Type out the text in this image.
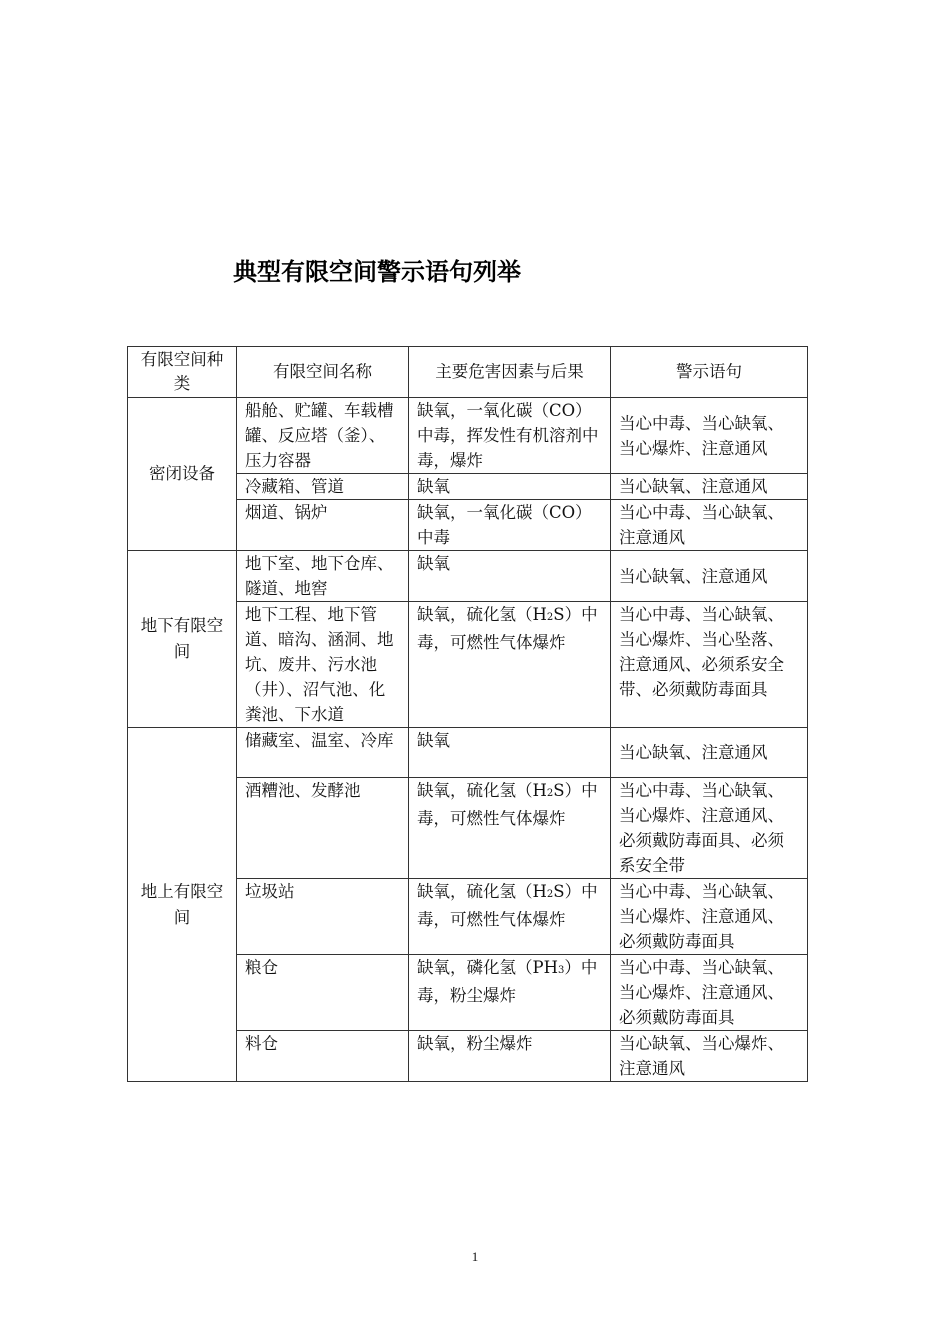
典型有限空间警示语句列举
有限空间种类	有限空间名称	主要危害因素与后果	警示语句
密闭设备	船舱、贮罐、车载槽罐、反应塔（釜）、压力容器	缺氧，一氧化碳（CO）中毒，挥发性有机溶剂中毒，爆炸	当心中毒、当心缺氧、当心爆炸、注意通风
	冷藏箱、管道	缺氧	当心缺氧、注意通风
	烟道、锅炉	缺氧，一氧化碳（CO）中毒	当心中毒、当心缺氧、注意通风
地下有限空间	地下室、地下仓库、隧道、地窖	缺氧	当心缺氧、注意通风
	地下工程、地下管道、暗沟、涵洞、地坑、废井、污水池（井）、沼气池、化粪池、下水道	缺氧，硫化氢（H2S）中毒，可燃性气体爆炸	当心中毒、当心缺氧、当心爆炸、当心坠落、注意通风、必须系安全带、必须戴防毒面具
地上有限空间	储藏室、温室、冷库	缺氧	当心缺氧、注意通风
	酒糟池、发酵池	缺氧，硫化氢（H2S）中毒，可燃性气体爆炸	当心中毒、当心缺氧、当心爆炸、注意通风、必须戴防毒面具、必须系安全带
	垃圾站	缺氧，硫化氢（H2S）中毒，可燃性气体爆炸	当心中毒、当心缺氧、当心爆炸、注意通风、必须戴防毒面具
	粮仓	缺氧，磷化氢（PH3）中毒，粉尘爆炸	当心中毒、当心缺氧、当心爆炸、注意通风、必须戴防毒面具
	料仓	缺氧，粉尘爆炸	当心缺氧、当心爆炸、注意通风
1
